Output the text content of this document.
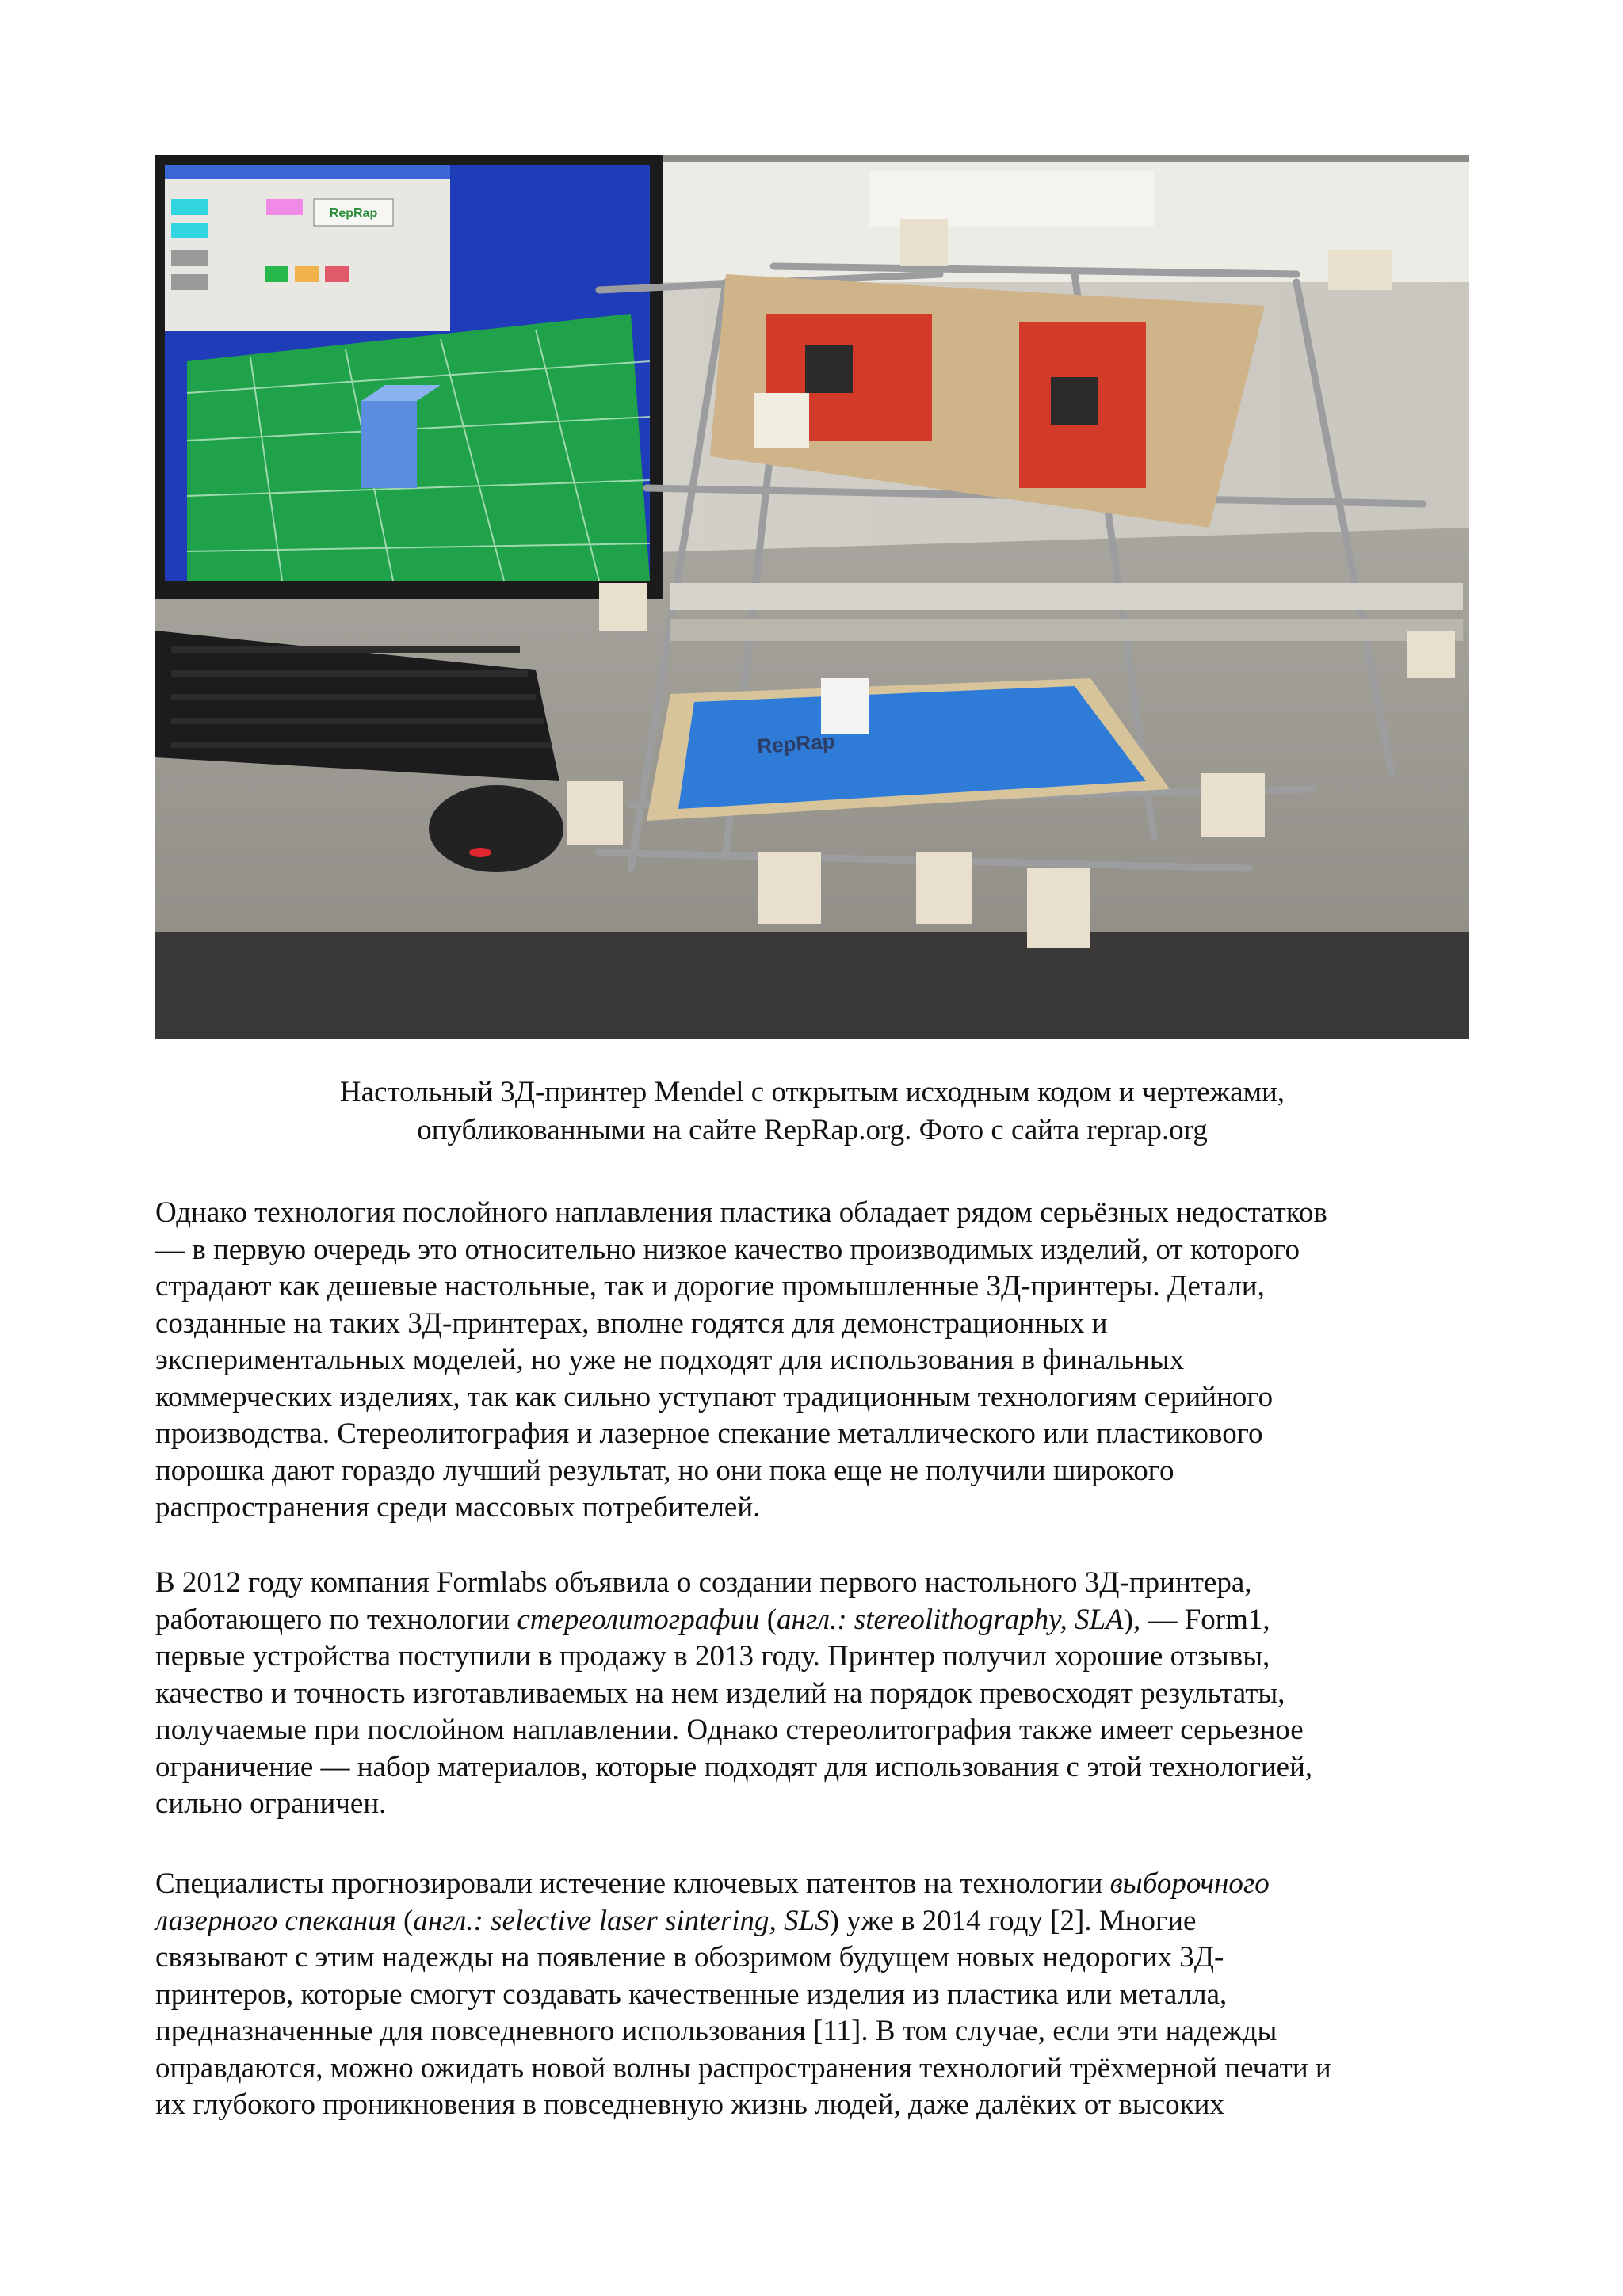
RepRap
RepRap
Настольный 3Д-принтер Mendel с открытым исходным кодом и чертежами,
опубликованными на сайте RepRap.org. Фото с сайта reprap.org

Однако технология послойного наплавления пластика обладает рядом серьёзных недостатков
— в первую очередь это относительно низкое качество производимых изделий, от которого
страдают как дешевые настольные, так и дорогие промышленные 3Д-принтеры. Детали,
созданные на таких 3Д-принтерах, вполне годятся для демонстрационных и
экспериментальных моделей, но уже не подходят для использования в финальных
коммерческих изделиях, так как сильно уступают традиционным технологиям серийного
производства. Стереолитография и лазерное спекание металлического или пластикового
порошка дают гораздо лучший результат, но они пока еще не получили широкого
распространения среди массовых потребителей.

В 2012 году компания Formlabs объявила о создании первого настольного 3Д-принтера,
работающего по технологии стереолитографии (англ.: stereolithography, SLA), — Form1,
первые устройства поступили в продажу в 2013 году. Принтер получил хорошие отзывы,
качество и точность изготавливаемых на нем изделий на порядок превосходят результаты,
получаемые при послойном наплавлении. Однако стереолитография также имеет серьезное
ограничение — набор материалов, которые подходят для использования с этой технологией,
сильно ограничен.

Специалисты прогнозировали истечение ключевых патентов на технологии выборочного
лазерного спекания (англ.: selective laser sintering, SLS) уже в 2014 году [2]. Многие
связывают с этим надежды на появление в обозримом будущем новых недорогих 3Д-
принтеров, которые смогут создавать качественные изделия из пластика или металла,
предназначенные для повседневного использования [11]. В том случае, если эти надежды
оправдаются, можно ожидать новой волны распространения технологий трёхмерной печати и
их глубокого проникновения в повседневную жизнь людей, даже далёких от высоких
